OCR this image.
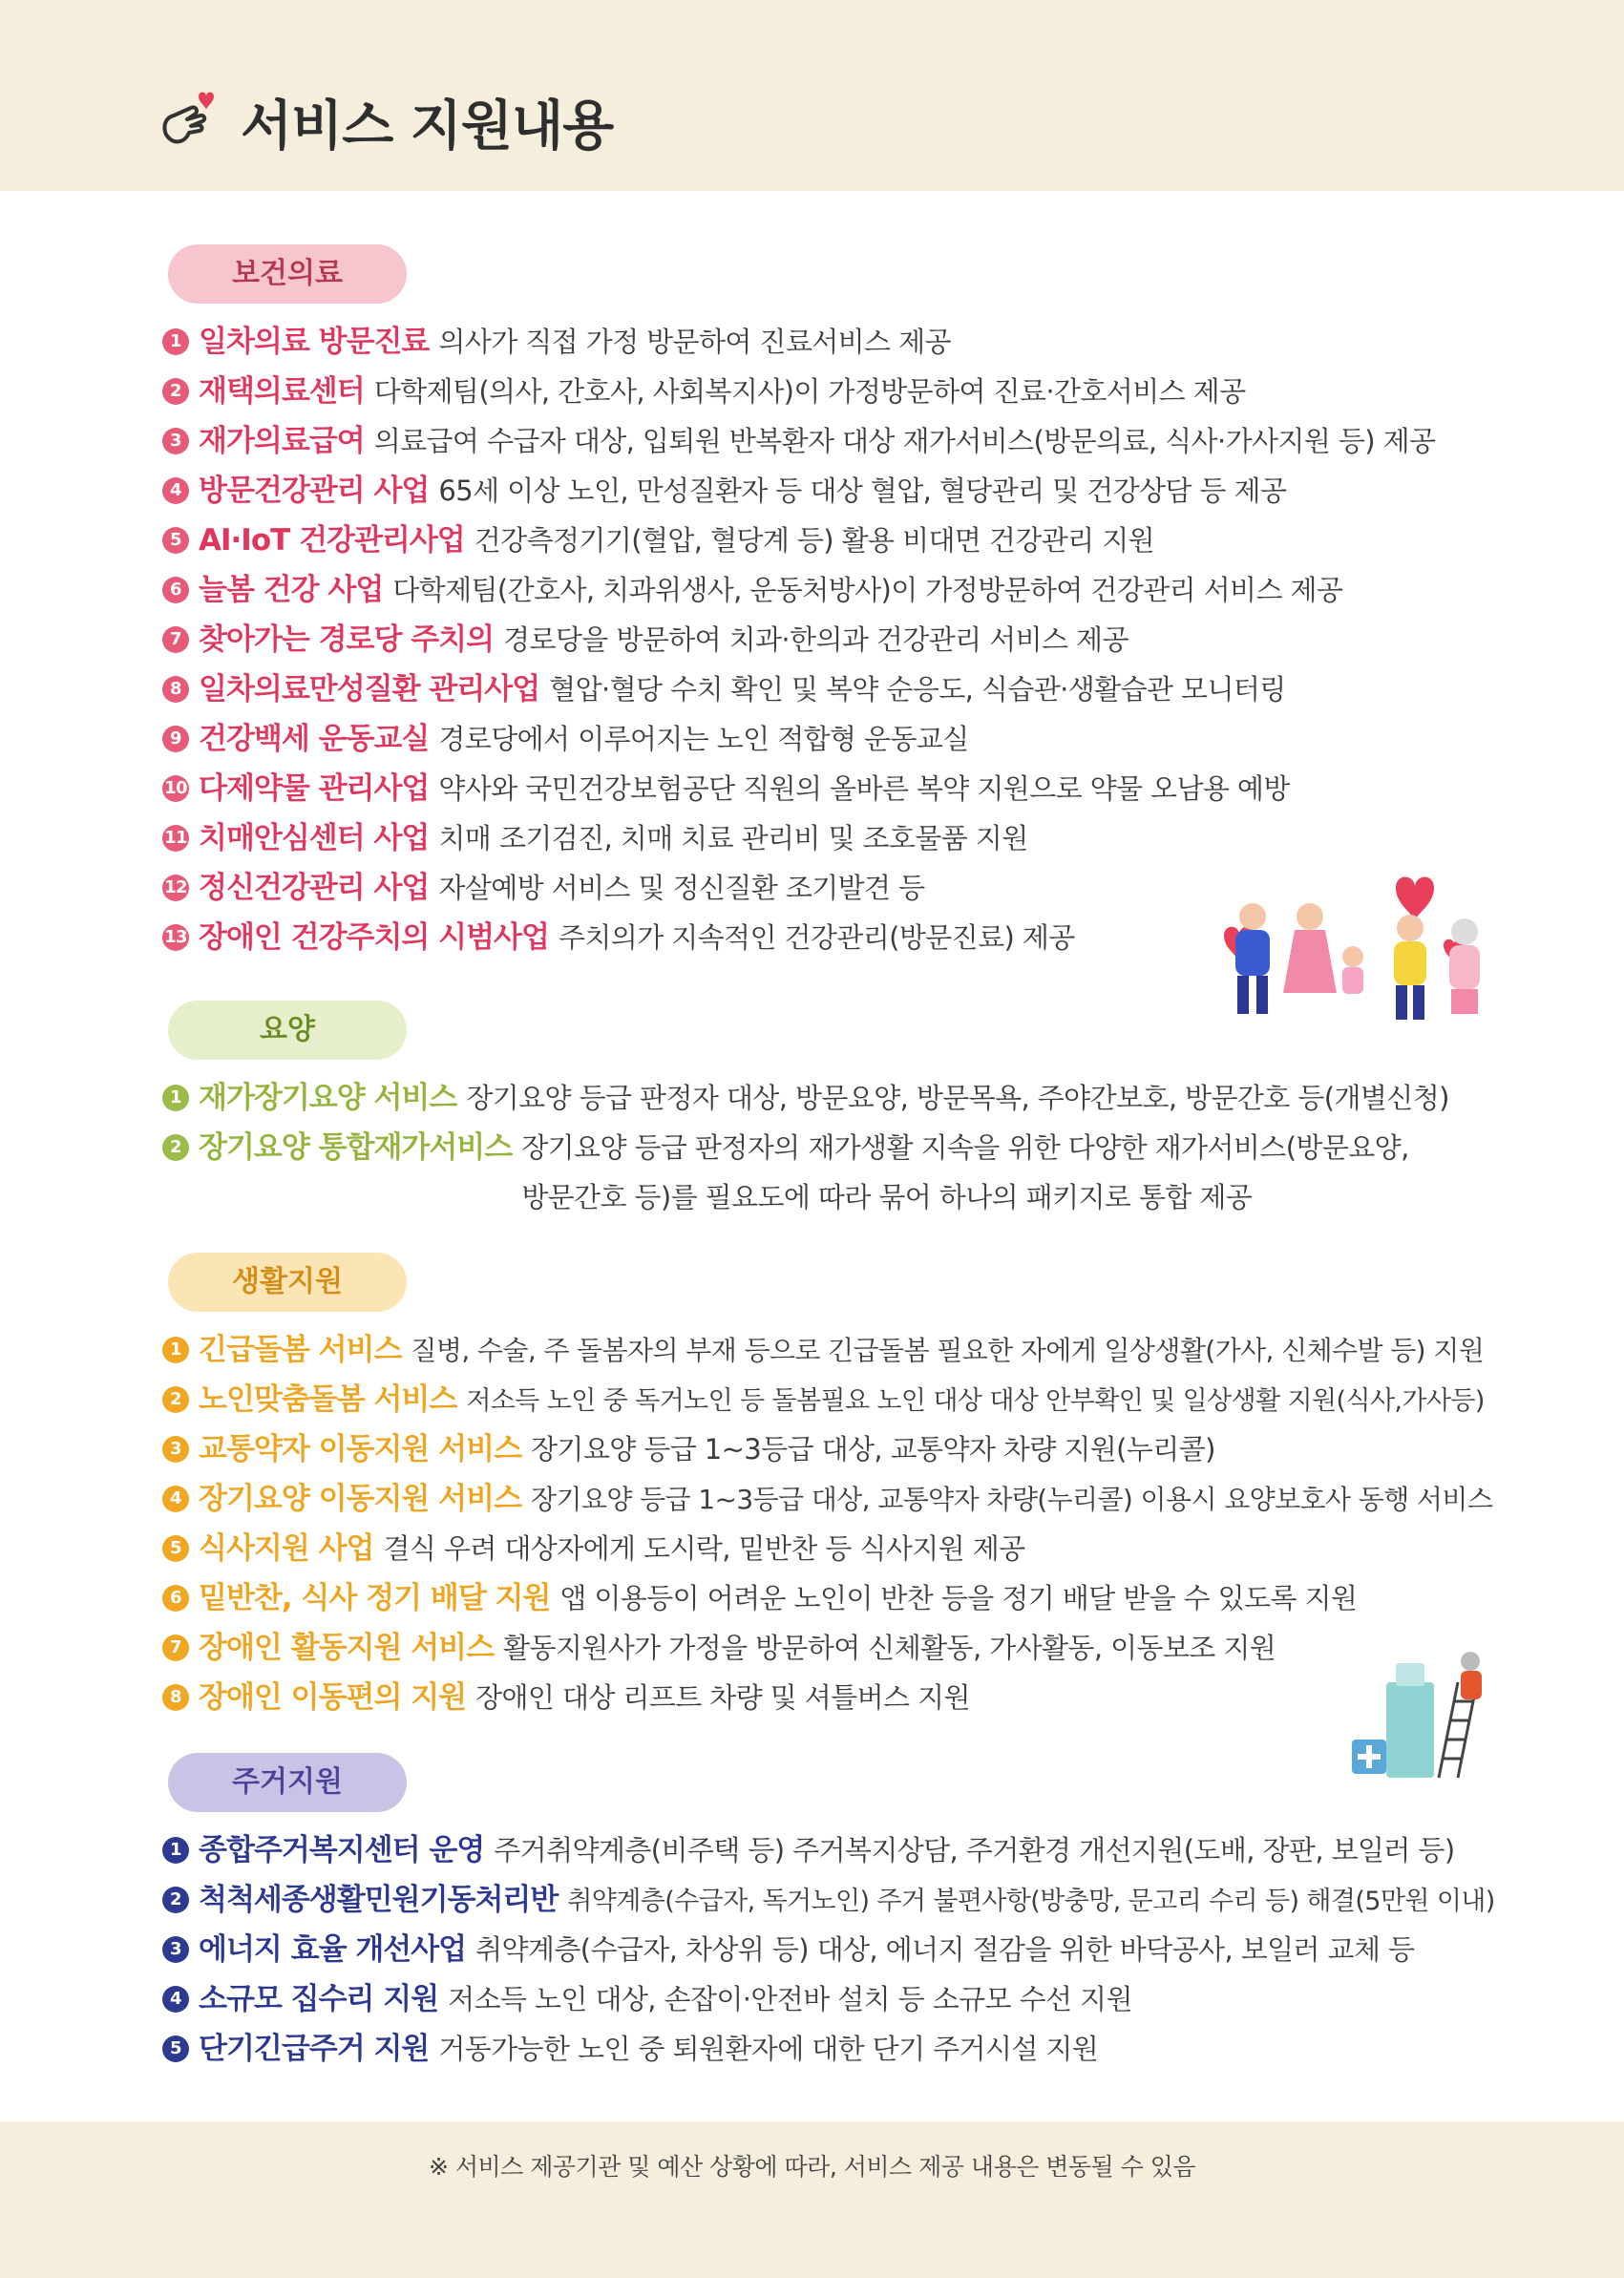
서비스 지원내용
보건의료
1 일차의료 방문진료 의사가 직접 가정 방문하여 진료서비스 제공
2 재택의료센터 다학제팀(의사, 간호사, 사회복지사)이 가정방문하여 진료·간호서비스 제공
3 재가의료급여 의료급여 수급자 대상, 입퇴원 반복환자 대상 재가서비스(방문의료, 식사·가사지원 등) 제공
4 방문건강관리 사업 65세 이상 노인, 만성질환자 등 대상 혈압, 혈당관리 및 건강상담 등 제공
5 AI·IoT 건강관리사업 건강측정기기(혈압, 혈당계 등) 활용 비대면 건강관리 지원
6 늘봄 건강 사업 다학제팀(간호사, 치과위생사, 운동처방사)이 가정방문하여 건강관리 서비스 제공
7 찾아가는 경로당 주치의 경로당을 방문하여 치과·한의과 건강관리 서비스 제공
8 일차의료만성질환 관리사업 혈압·혈당 수치 확인 및 복약 순응도, 식습관·생활습관 모니터링
9 건강백세 운동교실 경로당에서 이루어지는 노인 적합형 운동교실
10 다제약물 관리사업 약사와 국민건강보험공단 직원의 올바른 복약 지원으로 약물 오남용 예방
11 치매안심센터 사업 치매 조기검진, 치매 치료 관리비 및 조호물품 지원
12 정신건강관리 사업 자살예방 서비스 및 정신질환 조기발견 등
13 장애인 건강주치의 시범사업 주치의가 지속적인 건강관리(방문진료) 제공
요양
1 재가장기요양 서비스 장기요양 등급 판정자 대상, 방문요양, 방문목욕, 주야간보호, 방문간호 등(개별신청)
2 장기요양 통합재가서비스 장기요양 등급 판정자의 재가생활 지속을 위한 다양한 재가서비스(방문요양, 방문간호 등)를 필요도에 따라 묶어 하나의 패키지로 통합 제공
생활지원
1 긴급돌봄 서비스 질병, 수술, 주 돌봄자의 부재 등으로 긴급돌봄 필요한 자에게 일상생활(가사, 신체수발 등) 지원
2 노인맞춤돌봄 서비스 저소득 노인 중 독거노인 등 돌봄필요 노인 대상 대상 안부확인 및 일상생활 지원(식사,가사등)
3 교통약자 이동지원 서비스 장기요양 등급 1~3등급 대상, 교통약자 차량 지원(누리콜)
4 장기요양 이동지원 서비스 장기요양 등급 1~3등급 대상, 교통약자 차량(누리콜) 이용시 요양보호사 동행 서비스
5 식사지원 사업 결식 우려 대상자에게 도시락, 밑반찬 등 식사지원 제공
6 밑반찬, 식사 정기 배달 지원 앱 이용등이 어려운 노인이 반찬 등을 정기 배달 받을 수 있도록 지원
7 장애인 활동지원 서비스 활동지원사가 가정을 방문하여 신체활동, 가사활동, 이동보조 지원
8 장애인 이동편의 지원 장애인 대상 리프트 차량 및 셔틀버스 지원
주거지원
1 종합주거복지센터 운영 주거취약계층(비주택 등) 주거복지상담, 주거환경 개선지원(도배, 장판, 보일러 등)
2 척척세종생활민원기동처리반 취약계층(수급자, 독거노인) 주거 불편사항(방충망, 문고리 수리 등) 해결(5만원 이내)
3 에너지 효율 개선사업 취약계층(수급자, 차상위 등) 대상, 에너지 절감을 위한 바닥공사, 보일러 교체 등
4 소규모 집수리 지원 저소득 노인 대상, 손잡이·안전바 설치 등 소규모 수선 지원
5 단기긴급주거 지원 거동가능한 노인 중 퇴원환자에 대한 단기 주거시설 지원
※ 서비스 제공기관 및 예산 상황에 따라, 서비스 제공 내용은 변동될 수 있음
